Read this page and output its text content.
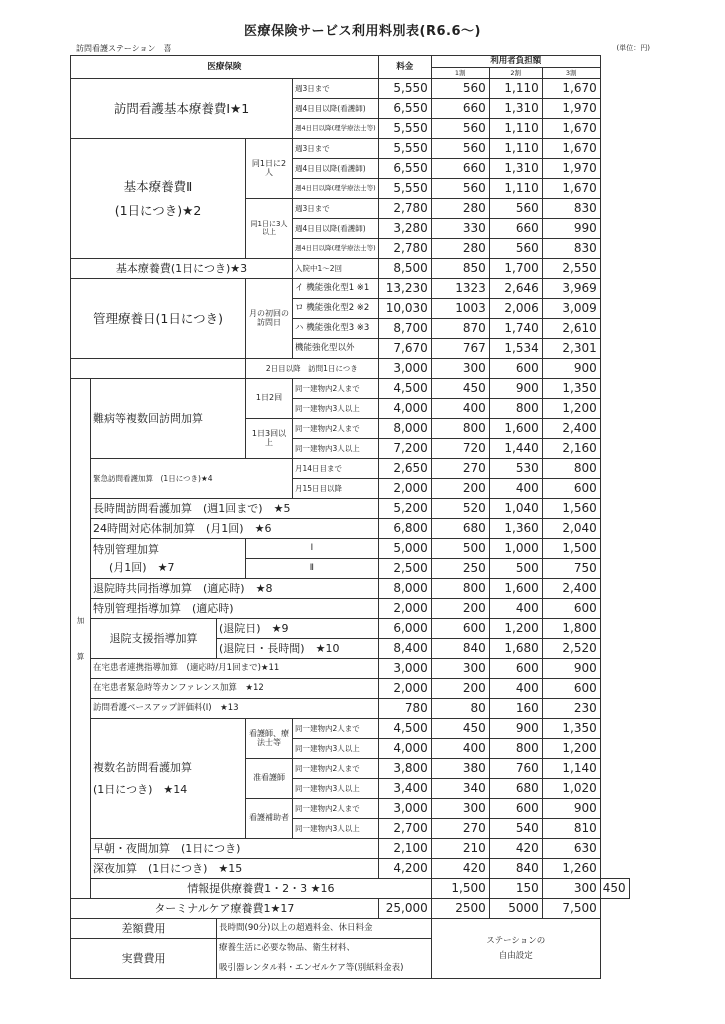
医療保険サービス利用料別表(R6.6～)
訪問看護ステーション　喜	(単位：円)
医療保険					料金	利用者負担額			
						1割	2割	3割	
訪問看護基本療養費Ⅰ★1				週3日まで	5,550	560	1,110	1,670	
				週4日目以降(看護師)	6,550	660	1,310	1,970	
				週4日目以降(理学療法士等)	5,550	560	1,110	1,670	

基本療養費Ⅱ
(1日につき)★2			同1日に2人	週3日まで	5,550	560	1,110	1,670	
				週4日目以降(看護師)	6,550	660	1,310	1,970	
				週4日目以降(理学療法士等)	5,550	560	1,110	1,670	
			同1日に3人以上	週3日まで	2,780	280	560	830	
				週4日目以降(看護師)	3,280	330	660	990	
				週4日目以降(理学療法士等)	2,780	280	560	830	
基本療養費(1日につき)★3				入院中1～2回	8,500	850	1,700	2,550	
管理療養日(1日につき)			月の初回の訪問日	イ 機能強化型1 ※1	13,230	1323	2,646	3,969	
				ロ 機能強化型2 ※2	10,030	1003	2,006	3,009	
				ハ 機能強化型3 ※3	8,700	870	1,740	2,610	
				機能強化型以外	7,670	767	1,534	2,301	
			2日目以降　訪問1日につき		3,000	300	600	900	

加
算	難病等複数回訪問加算		1日2回	同一建物内2人まで	4,500	450	900	1,350	
				同一建物内3人以上	4,000	400	800	1,200	
			1日3回以上	同一建物内2人まで	8,000	800	1,600	2,400	
				同一建物内3人以上	7,200	720	1,440	2,160	
	緊急訪問看護加算　(1日につき)★4			月14日目まで	2,650	270	530	800	
				月15日目以降	2,000	200	400	600	
	長時間訪問看護加算　(週1回まで)　★5				5,200	520	1,040	1,560	
	24時間対応体制加算　(月1回)　★6				6,800	680	1,360	2,040	

	特別管理加算
(月1回)　★7		Ⅰ		5,000	500	1,000	1,500	
			Ⅱ		2,500	250	500	750	
	退院時共同指導加算　(適応時)　★8				8,000	800	1,600	2,400	
	特別管理指導加算　(適応時)				2,000	200	400	600	
	退院支援指導加算	(退院日)　★9			6,000	600	1,200	1,800	
		(退院日・長時間)　★10			8,400	840	1,680	2,520	
	在宅患者連携指導加算　(適応時/月1回まで)★11				3,000	300	600	900	
	在宅患者緊急時等カンファレンス加算　★12				2,000	200	400	600	
	訪問看護ベースアップ評価料(Ⅰ)　★13				780	80	160	230	

	複数名訪問看護加算
(1日につき)　★14		看護師、療法士等	同一建物内2人まで	4,500	450	900	1,350	
				同一建物内3人以上	4,000	400	800	1,200	
			准看護師	同一建物内2人まで	3,800	380	760	1,140	
				同一建物内3人以上	3,400	340	680	1,020	
			看護補助者	同一建物内2人まで	3,000	300	600	900	
				同一建物内3人以上	2,700	270	540	810	
	早朝・夜間加算　(1日につき)				2,100	210	420	630	
	深夜加算　(1日につき)　★15				4,200	420	840	1,260	
	情報提供療養費1・2・3 ★16					1,500	150	300	450
ターミナルケア療養費1★17					25,000	2500	5000	7,500	
差額費用		長時間(90分)以上の超過料金、休日料金				ステーションの
自由設定			

実費費用		療養生活に必要な物品、衛生材料、							
		吸引器レンタル料・エンゼルケア等(別紙料金表)							
